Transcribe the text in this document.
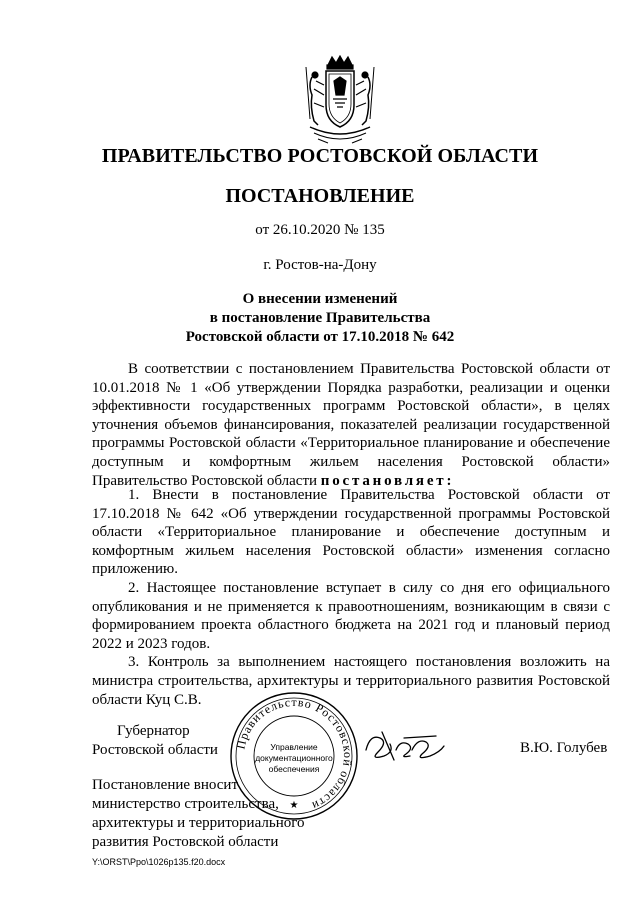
ПРАВИТЕЛЬСТВО РОСТОВСКОЙ ОБЛАСТИ
ПОСТАНОВЛЕНИЕ
от 26.10.2020 № 135
г. Ростов-на-Дону
О внесении изменений
в постановление Правительства
Ростовской области от 17.10.2018 № 642
В соответствии с постановлением Правительства Ростовской области от 10.01.2018 № 1 «Об утверждении Порядка разработки, реализации и оценки эффективности государственных программ Ростовской области», в целях уточнения объемов финансирования, показателей реализации государственной программы Ростовской области «Территориальное планирование и обеспечение доступным и комфортным жильем населения Ростовской области» Правительство Ростовской области постановляет:

1. Внести в постановление Правительства Ростовской области от 17.10.2018 № 642 «Об утверждении государственной программы Ростовской области «Территориальное планирование и обеспечение доступным и комфортным жильем населения Ростовской области» изменения согласно приложению.

2. Настоящее постановление вступает в силу со дня его официального опубликования и не применяется к правоотношениям, возникающим в связи с формированием проекта областного бюджета на 2021 год и плановый период 2022 и 2023 годов.

3. Контроль за выполнением настоящего постановления возложить на министра строительства, архитектуры и территориального развития Ростовской области Куц С.В.

Губернатор
Ростовской области	В.Ю. Голубев
Правительство Ростовской области
Управление
документационного
обеспечения
★
Постановление вносит
министерство строительства,
архитектуры и территориального
развития Ростовской области
Y:\ORST\Ppo\1026p135.f20.docx
